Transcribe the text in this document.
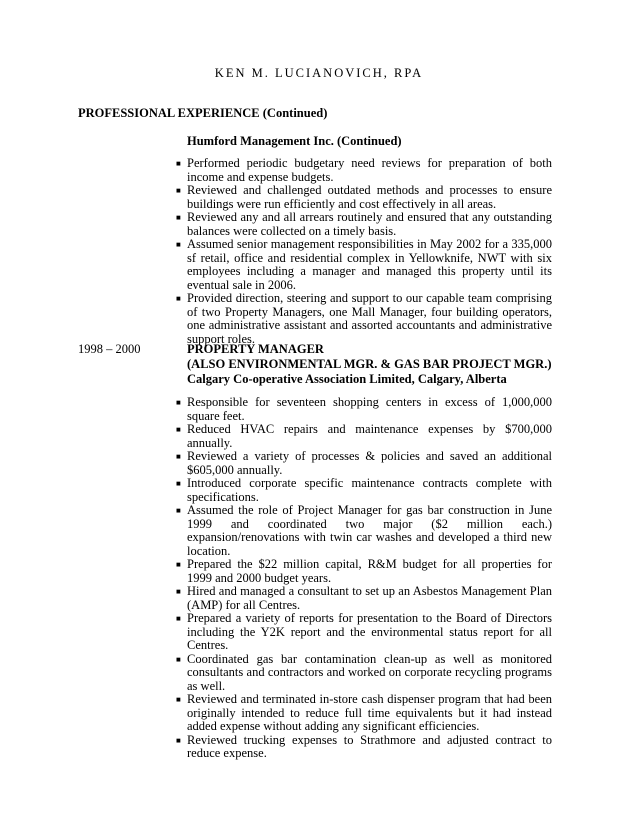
KEN M. LUCIANOVICH, RPA
PROFESSIONAL EXPERIENCE (Continued)
Humford Management Inc. (Continued)
■ Performed periodic budgetary need reviews for preparation of both income and expense budgets.
■ Reviewed and challenged outdated methods and processes to ensure buildings were run efficiently and cost effectively in all areas.
■ Reviewed any and all arrears routinely and ensured that any outstanding balances were collected on a timely basis.
■ Assumed senior management responsibilities in May 2002 for a 335,000 sf retail, office and residential complex in Yellowknife, NWT with six employees including a manager and managed this property until its eventual sale in 2006.
■ Provided direction, steering and support to our capable team comprising of two Property Managers, one Mall Manager, four building operators, one administrative assistant and assorted accountants and administrative support roles.
1998 – 2000	PROPERTY MANAGER
(ALSO ENVIRONMENTAL MGR. & GAS BAR PROJECT MGR.)
Calgary Co-operative Association Limited, Calgary, Alberta
■ Responsible for seventeen shopping centers in excess of 1,000,000 square feet.
■ Reduced HVAC repairs and maintenance expenses by $700,000 annually.
■ Reviewed a variety of processes & policies and saved an additional $605,000 annually.
■ Introduced corporate specific maintenance contracts complete with specifications.
■ Assumed the role of Project Manager for gas bar construction in June 1999 and coordinated two major ($2 million each.) expansion/renovations with twin car washes and developed a third new location.
■ Prepared the $22 million capital, R&M budget for all properties for 1999 and 2000 budget years.
■ Hired and managed a consultant to set up an Asbestos Management Plan (AMP) for all Centres.
■ Prepared a variety of reports for presentation to the Board of Directors including the Y2K report and the environmental status report for all Centres.
■ Coordinated gas bar contamination clean-up as well as monitored consultants and contractors and worked on corporate recycling programs as well.
■ Reviewed and terminated in-store cash dispenser program that had been originally intended to reduce full time equivalents but it had instead added expense without adding any significant efficiencies.
■ Reviewed trucking expenses to Strathmore and adjusted contract to reduce expense.
